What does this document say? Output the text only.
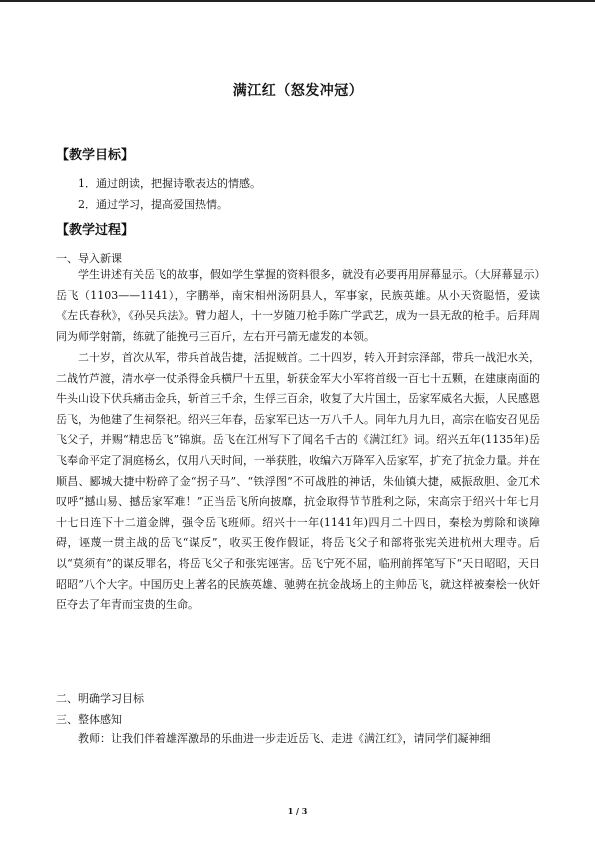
满江红（怒发冲冠）
【教学目标】
1．通过朗读，把握诗歌表达的情感。
2．通过学习，提高爱国热情。
【教学过程】
一、导入新课
学生讲述有关岳飞的故事，假如学生掌握的资料很多，就没有必要再用屏幕显示。（大屏幕显示）岳飞（1103——1141），字鹏举，南宋相州汤阴县人，军事家，民族英雄。从小天资聪悟，爱读《左氏春秋》，《孙吴兵法》。臂力超人，十一岁随刀枪手陈广学武艺，成为一县无敌的枪手。后拜周同为师学射箭，练就了能挽弓三百斤，左右开弓箭无虚发的本领。
二十岁，首次从军，带兵首战告捷，活捉贼首。二十四岁，转入开封宗泽部，带兵一战汜水关，二战竹芦渡，清水亭一仗杀得金兵横尸十五里，斩获金军大小军将首级一百七十五颗，在建康南面的牛头山设下伏兵痛击金兵，斩首三千余，生俘三百余，收复了大片国土，岳家军威名大振，人民感恩岳飞，为他建了生祠祭祀。绍兴三年春，岳家军已达一万八千人。同年九月九日，高宗在临安召见岳飞父子，并赐“精忠岳飞”锦旗。岳飞在江州写下了闻名千古的《满江红》词。绍兴五年(1135年)岳飞奉命平定了洞庭杨幺，仅用八天时间，一举获胜，收编六万降军入岳家军，扩充了抗金力量。并在顺昌、郾城大捷中粉碎了金“拐子马”、“铁浮图”不可战胜的神话，朱仙镇大捷，威振敌胆、金兀术叹呼“撼山易、撼岳家军难！”正当岳飞所向披靡，抗金取得节节胜利之际，宋高宗于绍兴十年七月十七日连下十二道金牌，强令岳飞班师。绍兴十一年(1141年)四月二十四日，秦桧为剪除和谈障碍，诬蔑一贯主战的岳飞“谋反”，收买王俊作假证，将岳飞父子和部将张宪关进杭州大理寺。后以“莫须有”的谋反罪名，将岳飞父子和张宪诬害。岳飞宁死不屈，临刑前挥笔写下“天日昭昭，天日昭昭”八个大字。中国历史上著名的民族英雄、驰骋在抗金战场上的主帅岳飞，就这样被秦桧一伙奸臣夺去了年青而宝贵的生命。
二、明确学习目标
三、整体感知
教师：让我们伴着雄浑激昂的乐曲进一步走近岳飞、走进《满江红》，请同学们凝神细
1 / 3
